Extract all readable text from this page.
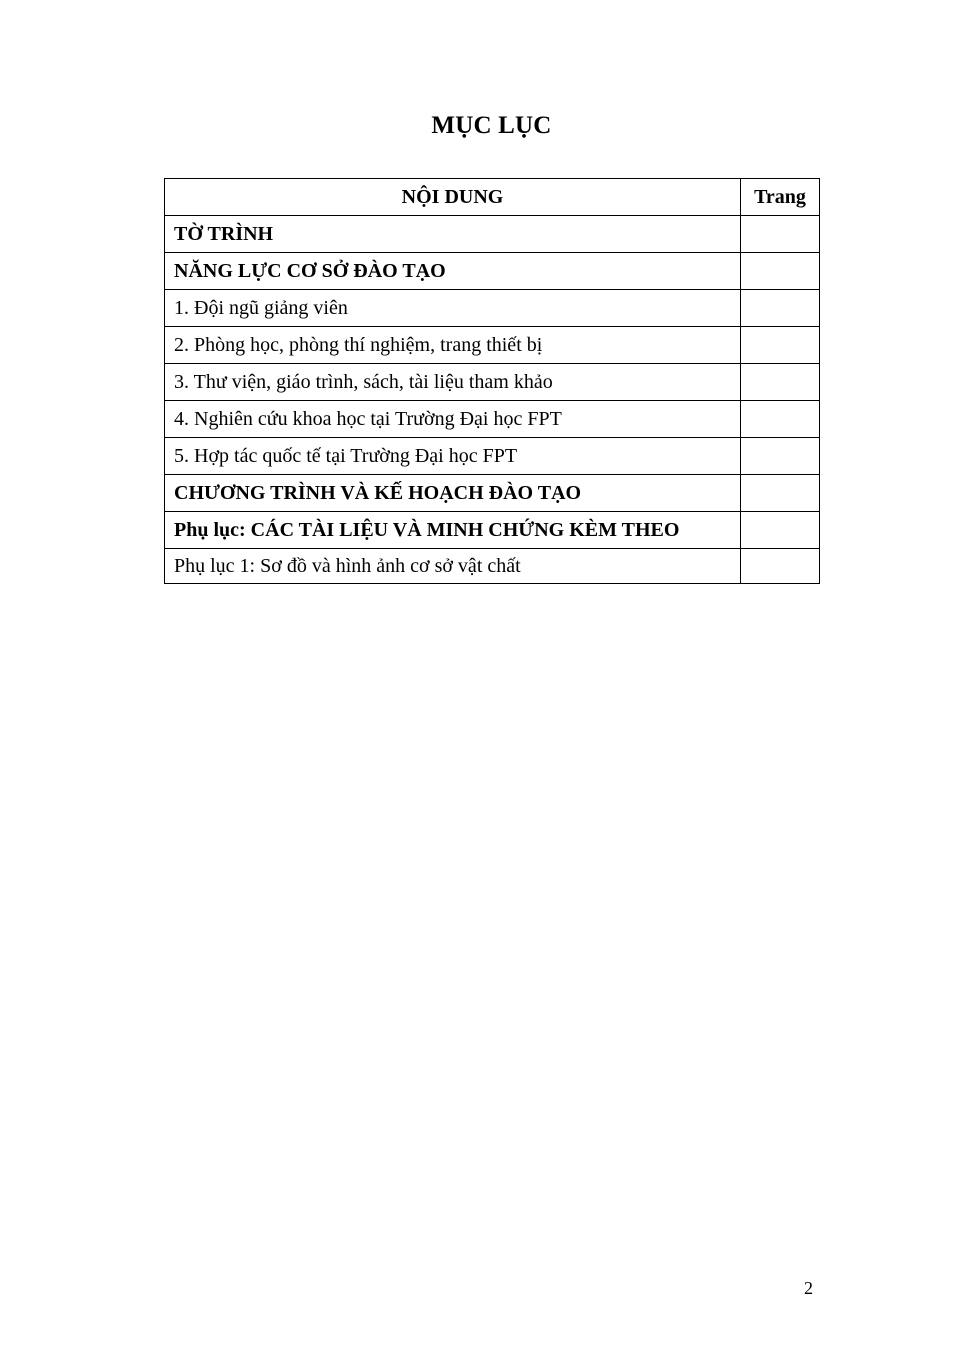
MỤC LỤC
NỘI DUNG	Trang
TỜ TRÌNH	
NĂNG LỰC CƠ SỞ ĐÀO TẠO	
1. Đội ngũ giảng viên	
2. Phòng học, phòng thí nghiệm, trang thiết bị	
3. Thư viện, giáo trình, sách, tài liệu tham khảo	
4. Nghiên cứu khoa học tại Trường Đại học FPT	
5. Hợp tác quốc tế tại Trường Đại học FPT	
CHƯƠNG TRÌNH VÀ KẾ HOẠCH ĐÀO TẠO	
Phụ lục: CÁC TÀI LIỆU VÀ MINH CHỨNG KÈM THEO	
Phụ lục 1: Sơ đồ và hình ảnh cơ sở vật chất	
2
